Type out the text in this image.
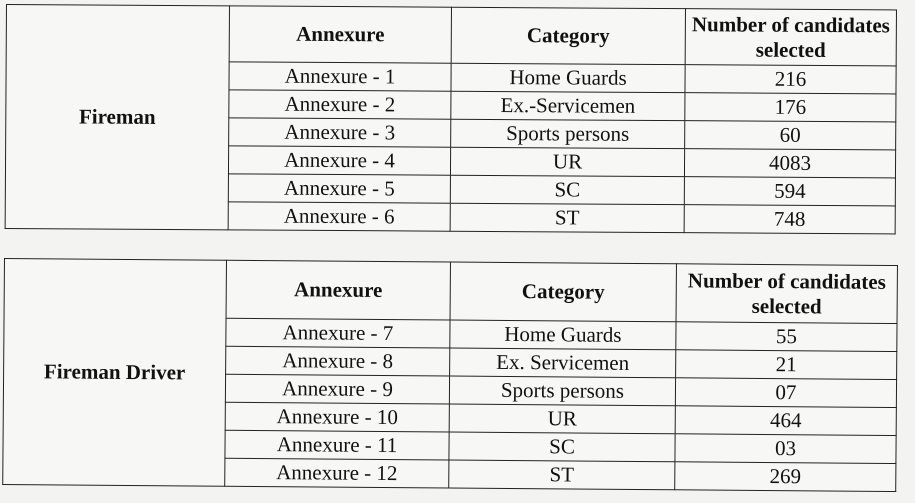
Fireman	Annexure	Category	Number of candidates selected
	Annexure - 1	Home Guards	216
	Annexure - 2	Ex.-Servicemen	176
	Annexure - 3	Sports persons	60
	Annexure - 4	UR	4083
	Annexure - 5	SC	594
	Annexure - 6	ST	748
Fireman Driver	Annexure	Category	Number of candidates selected
	Annexure - 7	Home Guards	55
	Annexure - 8	Ex. Servicemen	21
	Annexure - 9	Sports persons	07
	Annexure - 10	UR	464
	Annexure - 11	SC	03
	Annexure - 12	ST	269
